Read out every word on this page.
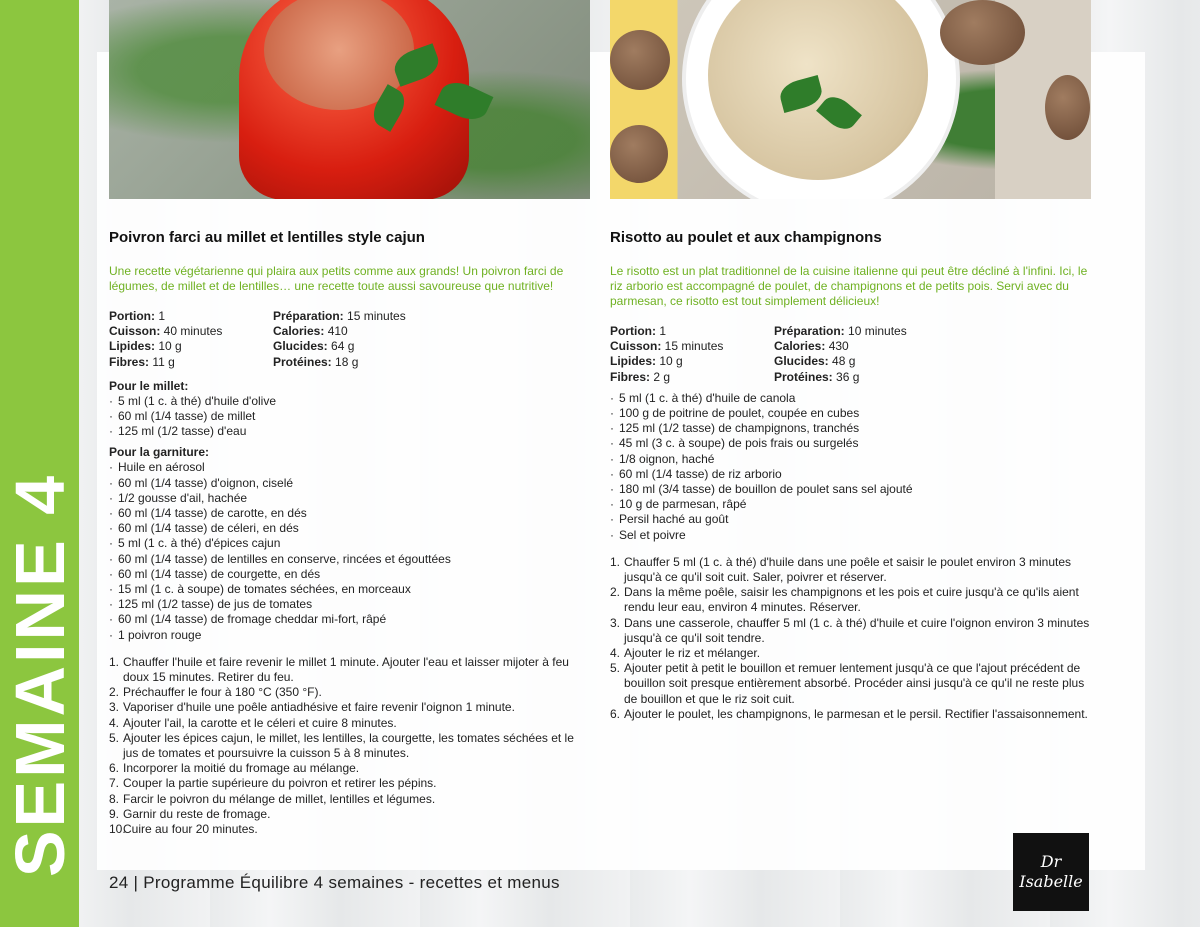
SEMAINE 4
Poivron farci au millet et lentilles style cajun
Une recette végétarienne qui plaira aux petits comme aux grands! Un poivron farci de légumes, de millet et de lentilles… une recette toute aussi savoureuse que nutritive!
Portion: 1	Préparation: 15 minutes
Cuisson: 40 minutes	Calories: 410
Lipides: 10 g	Glucides: 64 g
Fibres: 11 g	Protéines: 18 g
Pour le millet:
· 5 ml (1 c. à thé) d'huile d'olive
· 60 ml (1/4 tasse) de millet
· 125 ml (1/2 tasse) d'eau
Pour la garniture:
· Huile en aérosol
· 60 ml (1/4 tasse) d'oignon, ciselé
· 1/2 gousse d'ail, hachée
· 60 ml (1/4 tasse) de carotte, en dés
· 60 ml (1/4 tasse) de céleri, en dés
· 5 ml (1 c. à thé) d'épices cajun
· 60 ml (1/4 tasse) de lentilles en conserve, rincées et égouttées
· 60 ml (1/4 tasse) de courgette, en dés
· 15 ml (1 c. à soupe) de tomates séchées, en morceaux
· 125 ml (1/2 tasse) de jus de tomates
· 60 ml (1/4 tasse) de fromage cheddar mi-fort, râpé
· 1 poivron rouge
1. Chauffer l'huile et faire revenir le millet 1 minute. Ajouter l'eau et laisser mijoter à feu doux 15 minutes. Retirer du feu.
2. Préchauffer le four à 180 °C (350 °F).
3. Vaporiser d'huile une poêle antiadhésive et faire revenir l'oignon 1 minute.
4. Ajouter l'ail, la carotte et le céleri et cuire 8 minutes.
5. Ajouter les épices cajun, le millet, les lentilles, la courgette, les tomates séchées et le jus de tomates et poursuivre la cuisson 5 à 8 minutes.
6. Incorporer la moitié du fromage au mélange.
7. Couper la partie supérieure du poivron et retirer les pépins.
8. Farcir le poivron du mélange de millet, lentilles et légumes.
9. Garnir du reste de fromage.
10.Cuire au four 20 minutes.
Risotto au poulet et aux champignons
Le risotto est un plat traditionnel de la cuisine italienne qui peut être décliné à l'infini. Ici, le riz arborio est accompagné de poulet, de champignons et de petits pois. Servi avec du parmesan, ce risotto est tout simplement délicieux!
Portion: 1	Préparation: 10 minutes
Cuisson: 15 minutes	Calories: 430
Lipides: 10 g	Glucides: 48 g
Fibres: 2 g	Protéines: 36 g
· 5 ml (1 c. à thé) d'huile de canola
· 100 g de poitrine de poulet, coupée en cubes
· 125 ml (1/2 tasse) de champignons, tranchés
· 45 ml (3 c. à soupe) de pois frais ou surgelés
· 1/8 oignon, haché
· 60 ml (1/4 tasse) de riz arborio
· 180 ml (3/4 tasse) de bouillon de poulet sans sel ajouté
· 10 g de parmesan, râpé
· Persil haché au goût
· Sel et poivre
1. Chauffer 5 ml (1 c. à thé) d'huile dans une poêle et saisir le poulet environ 3 minutes jusqu'à ce qu'il soit cuit. Saler, poivrer et réserver.
2. Dans la même poêle, saisir les champignons et les pois et cuire jusqu'à ce qu'ils aient rendu leur eau, environ 4 minutes. Réserver.
3. Dans une casserole, chauffer 5 ml (1 c. à thé) d'huile et cuire l'oignon environ 3 minutes jusqu'à ce qu'il soit tendre.
4. Ajouter le riz et mélanger.
5. Ajouter petit à petit le bouillon et remuer lentement jusqu'à ce que l'ajout précédent de bouillon soit presque entièrement absorbé. Procéder ainsi jusqu'à ce qu'il ne reste plus de bouillon et que le riz soit cuit.
6. Ajouter le poulet, les champignons, le parmesan et le persil. Rectifier l'assaisonnement.
24 | Programme Équilibre 4 semaines - recettes et menus
Dr
Isabelle
